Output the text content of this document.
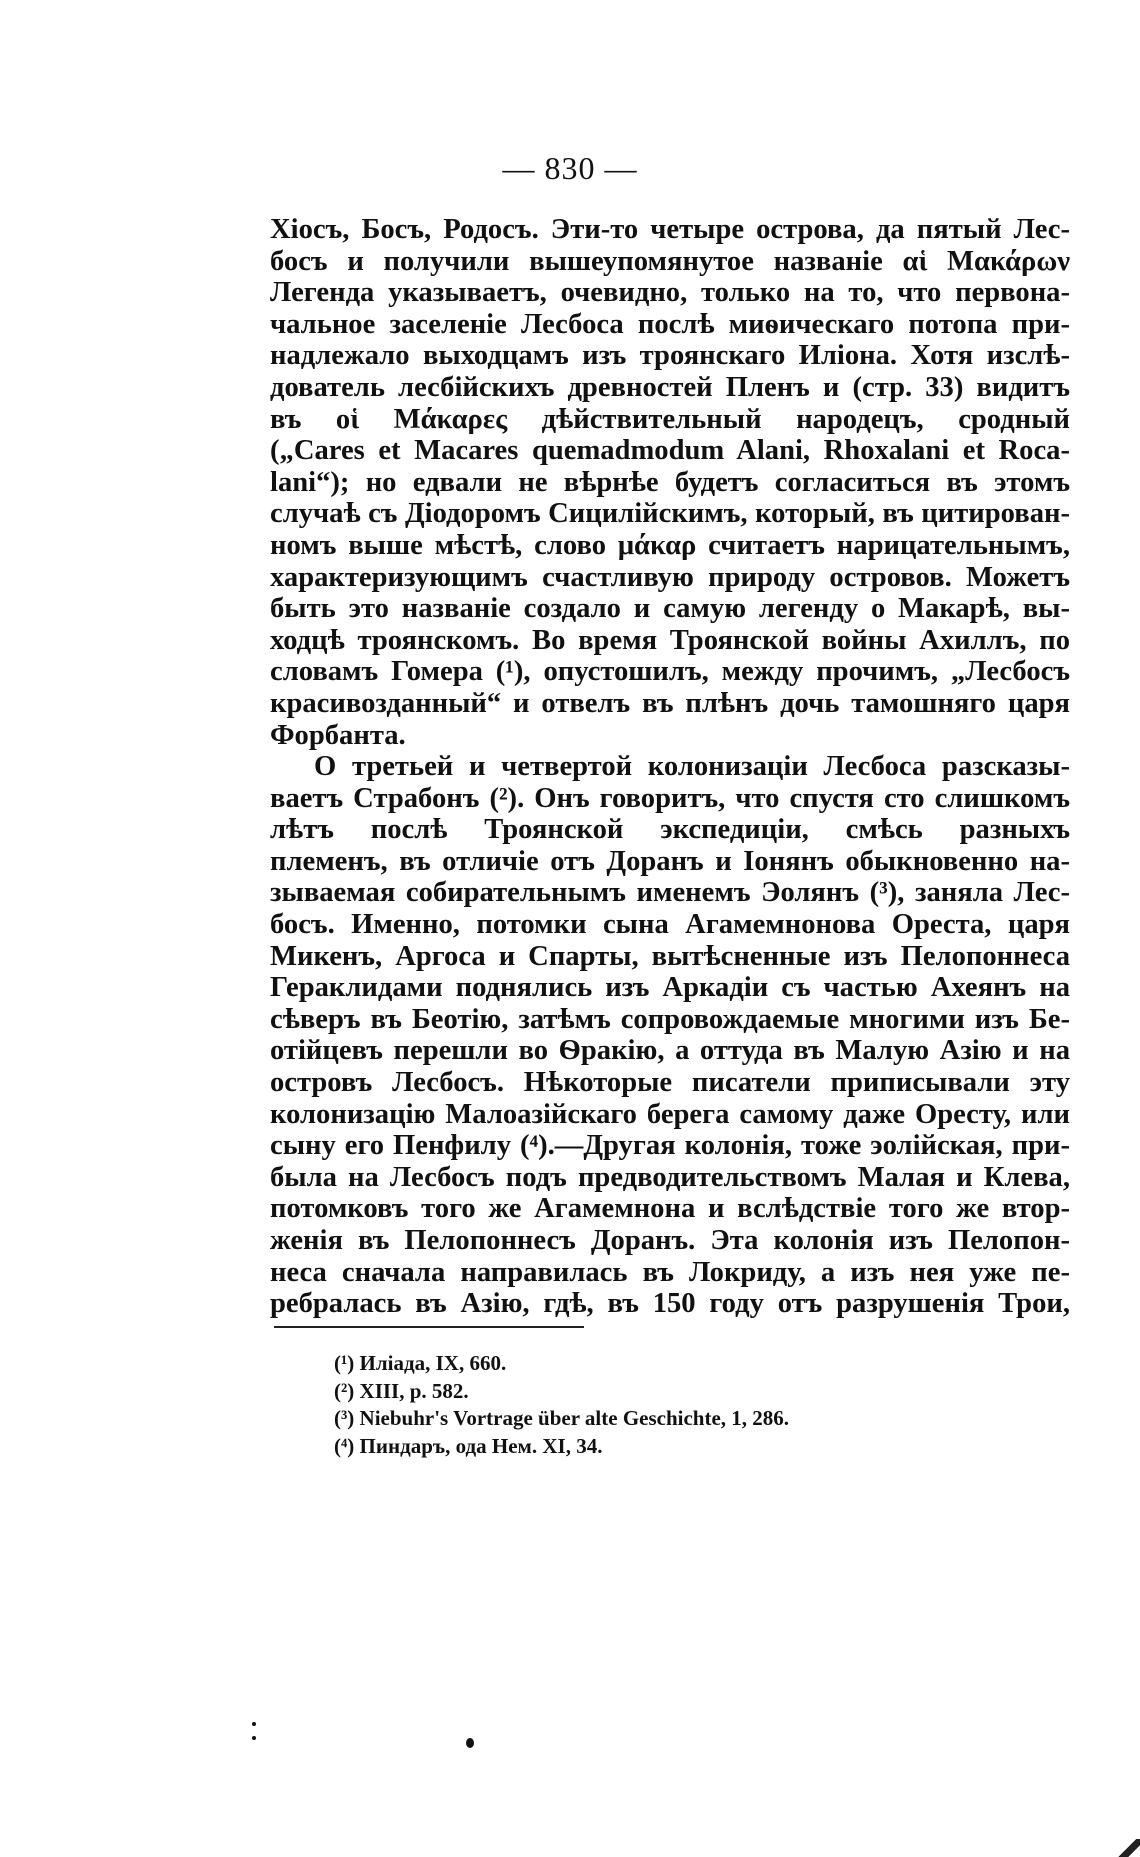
— 830 —
Хіосъ, Босъ, Родосъ. Эти-то четыре острова, да пятый Лес-
босъ и получили вышеупомянутое названіе αἱ Μακάρων
Легенда указываетъ, очевидно, только на то, что первона-
чальное заселеніе Лесбоса послѣ миѳическаго потопа при-
надлежало выходцамъ изъ троянскаго Иліона. Хотя изслѣ-
дователь лесбійскихъ древностей Пленъ и (стр. 33) видитъ
въ οἱ Μάκαρες дѣйствительный народецъ, сродный
(„Cares et Macares quemadmodum Alani, Rhoxalani et Roca-
lani“); но едвали не вѣрнѣе будетъ согласиться въ этомъ
случаѣ съ Діодоромъ Сицилійскимъ, который, въ цитирован-
номъ выше мѣстѣ, слово μάκαρ считаетъ нарицательнымъ,
характеризующимъ счастливую природу островов. Можетъ
быть это названіе создало и самую легенду о Макарѣ, вы-
ходцѣ троянскомъ. Во время Троянской войны Ахиллъ, по
словамъ Гомера (¹), опустошилъ, между прочимъ, „Лесбосъ
красивозданный“ и отвелъ въ плѣнъ дочь тамошняго царя
Форбанта.
О третьей и четвертой колонизаціи Лесбоса разсказы-
ваетъ Страбонъ (²). Онъ говоритъ, что спустя сто слишкомъ
лѣтъ послѣ Троянской экспедиціи, смѣсь разныхъ
племенъ, въ отличіе отъ Доранъ и Іонянъ обыкновенно на-
зываемая собирательнымъ именемъ Эолянъ (³), заняла Лес-
босъ. Именно, потомки сына Агамемнонова Ореста, царя
Микенъ, Аргоса и Спарты, вытѣсненные изъ Пелопоннеса
Гераклидами поднялись изъ Аркадіи съ частью Ахеянъ на
сѣверъ въ Беотію, затѣмъ сопровождаемые многими изъ Бе-
отійцевъ перешли во Ѳракію, а оттуда въ Малую Азію и на
островъ Лесбосъ. Нѣкоторые писатели приписывали эту
колонизацію Малоазійскаго берега самому даже Оресту, или
сыну его Пенфилу (⁴).—Другая колонія, тоже эолійская, при-
была на Лесбосъ подъ предводительствомъ Малая и Клева,
потомковъ того же Агамемнона и вслѣдствіе того же втор-
женія въ Пелопоннесъ Доранъ. Эта колонія изъ Пелопон-
неса сначала направилась въ Локриду, а изъ нея уже пе-
ребралась въ Азію, гдѣ, въ 150 году отъ разрушенія Трои,
(¹) Иліада, IX, 660.
(²) XIII, p. 582.
(³) Niebuhr's Vortrage über alte Geschichte, 1, 286.
(⁴) Пиндаръ, ода Нем. XI, 34.
